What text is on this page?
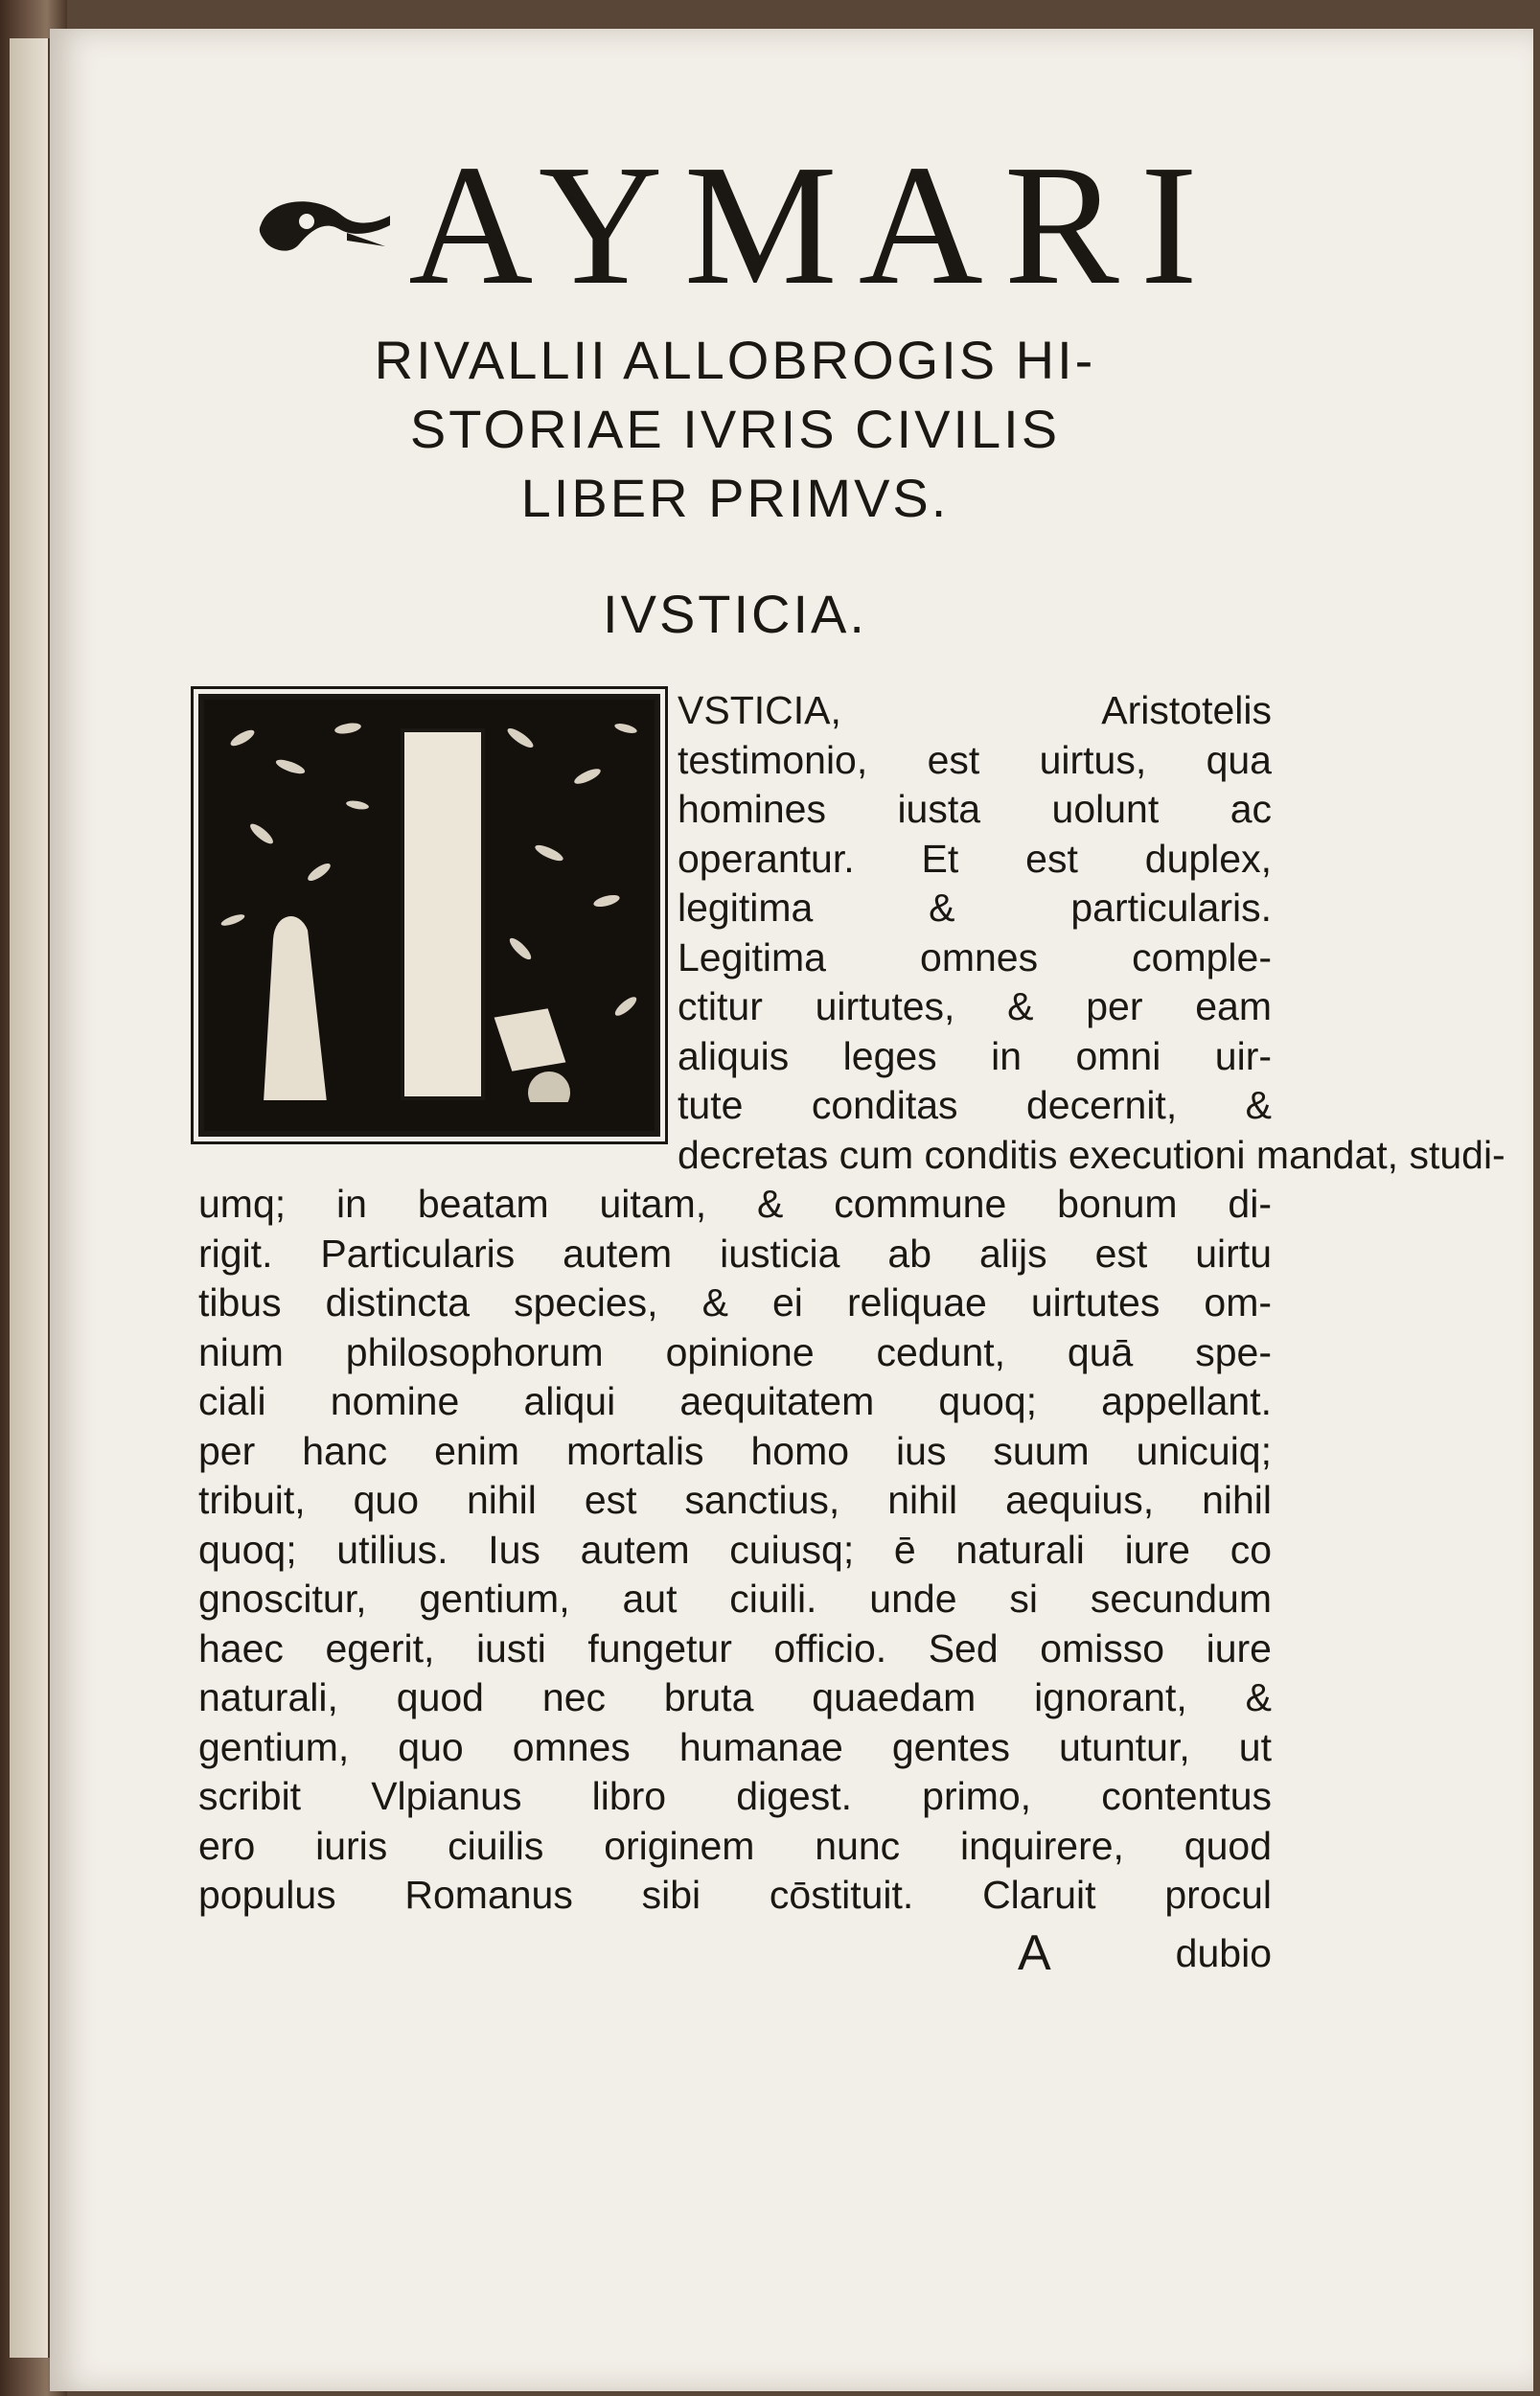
AYMARI
RIVALLII ALLOBROGIS HI-
STORIAE IVRIS CIVILIS
LIBER PRIMVS.
IVSTICIA.
VSTICIA, Aristotelis
testimonio, est uirtus, qua
homines iusta uolunt ac
operantur. Et est duplex,
legitima & particularis.
Legitima omnes comple-
ctitur uirtutes, & per eam
aliquis leges in omni uir-
tute conditas decernit, &
decretas cum conditis executioni mandat, studi-
umq; in beatam uitam, & commune bonum di-
rigit. Particularis autem iusticia ab alijs est uirtu
tibus distincta species, & ei reliquae uirtutes om-
nium philosophorum opinione cedunt, quā spe-
ciali nomine aliqui aequitatem quoq; appellant.
per hanc enim mortalis homo ius suum unicuiq;
tribuit, quo nihil est sanctius, nihil aequius, nihil
quoq; utilius. Ius autem cuiusq; ē naturali iure co
gnoscitur, gentium, aut ciuili. unde si secundum
haec egerit, iusti fungetur officio. Sed omisso iure
naturali, quod nec bruta quaedam ignorant, &
gentium, quo omnes humanae gentes utuntur, ut
scribit Vlpianus libro digest. primo, contentus
ero iuris ciuilis originem nunc inquirere, quod
populus Romanus sibi cōstituit. Claruit procul
A	dubio
